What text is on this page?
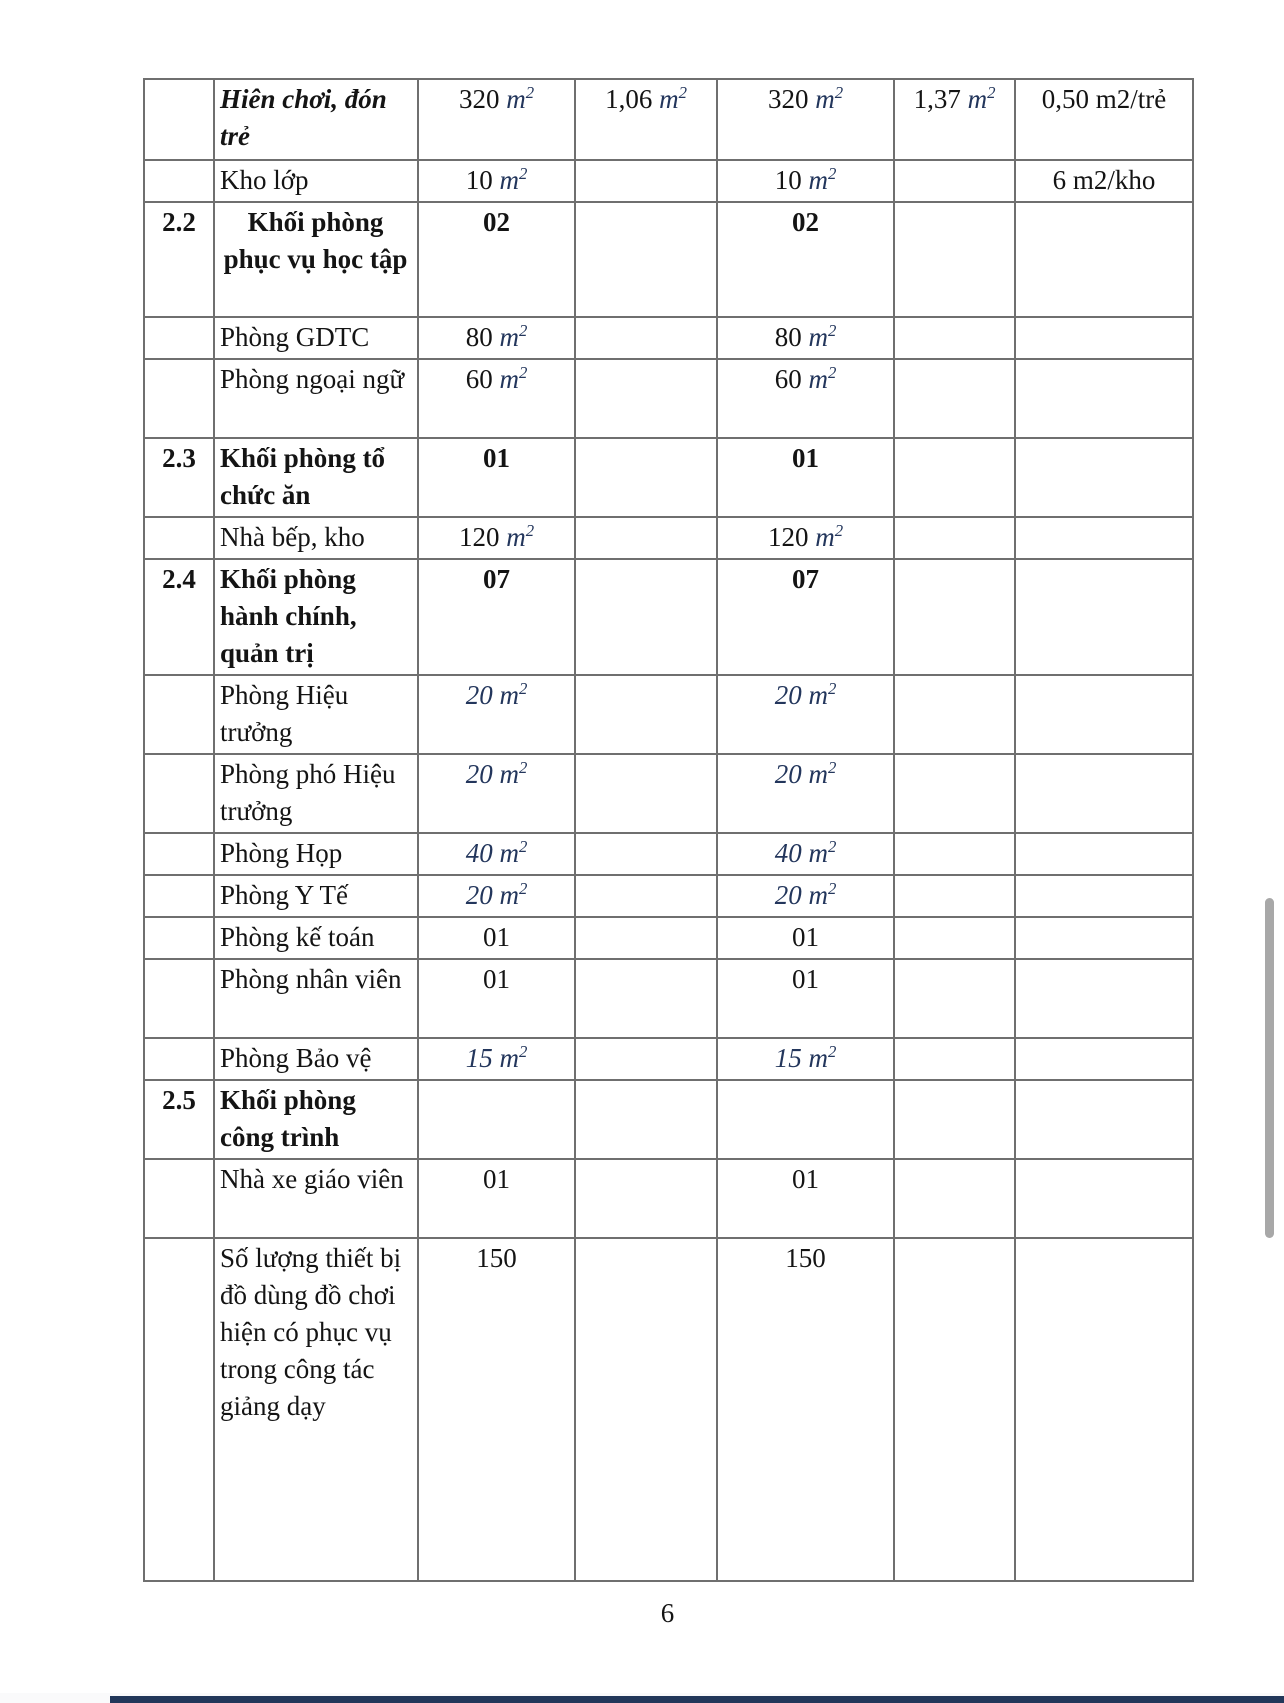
	Hiên chơi, đón trẻ	320 $m^2$	1,06 $m^2$	320 $m^2$	1,37 $m^2$	0,50 m2/trẻ
	Kho lớp	10 $m^2$		10 $m^2$		6 m2/kho
2.2	Khối phòng phục vụ học tập	02		02		
	Phòng GDTC	80 $m^2$		80 $m^2$		
	Phòng ngoại ngữ	60 $m^2$		60 $m^2$		
2.3	Khối phòng tổ chức ăn	01		01		
	Nhà bếp, kho	120 $m^2$		120 $m^2$		
2.4	Khối phòng hành chính, quản trị	07		07		
	Phòng Hiệu trưởng	20 $m^2$		20 $m^2$		
	Phòng phó Hiệu trưởng	20 $m^2$		20 $m^2$		
	Phòng Họp	40 $m^2$		40 $m^2$		
	Phòng Y Tế	20 $m^2$		20 $m^2$		
	Phòng kế toán	01		01		
	Phòng nhân viên	01		01		
	Phòng Bảo vệ	15 $m^2$		15 $m^2$		
2.5	Khối phòng công trình					
	Nhà xe giáo viên	01		01		
	Số lượng thiết bị đồ dùng đồ chơi hiện có phục vụ trong công tác giảng dạy	150		150		
6
